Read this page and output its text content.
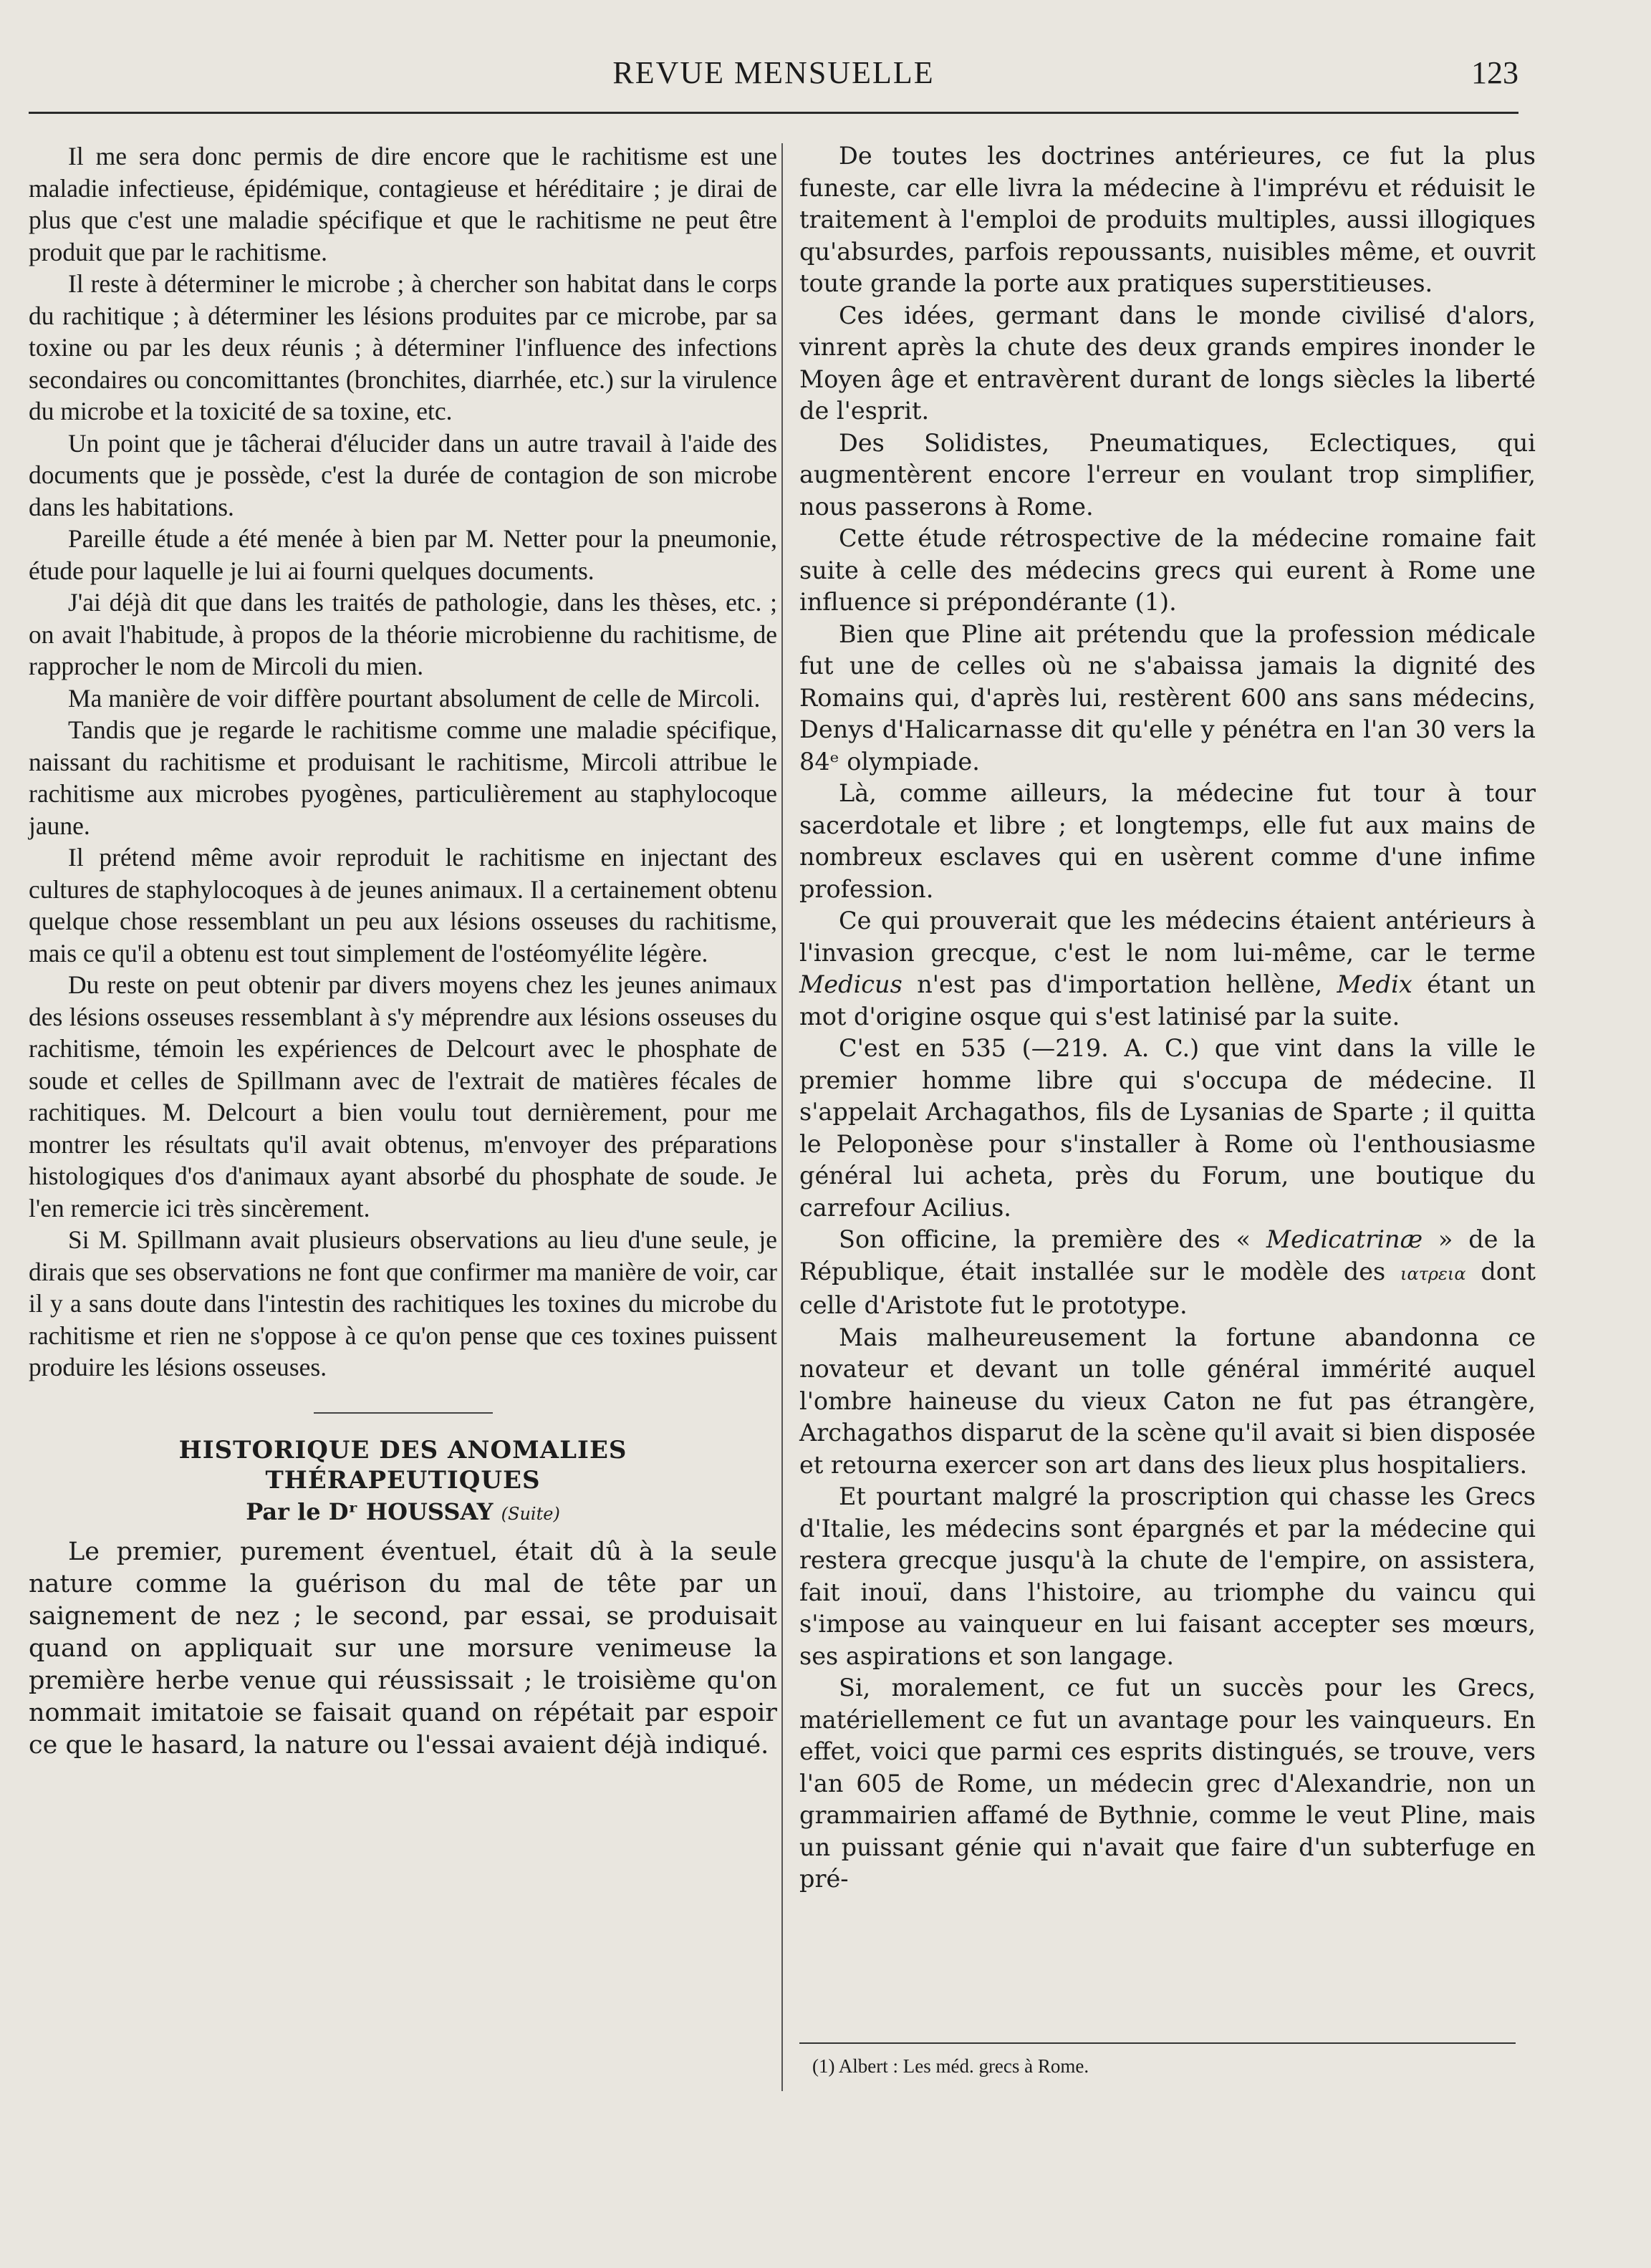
REVUE MENSUELLE	123

Il me sera donc permis de dire encore que le rachitisme est une maladie infectieuse, épidémique, contagieuse et héréditaire ; je dirai de plus que c'est une maladie spécifique et que le rachitisme ne peut être produit que par le rachitisme.

Il reste à déterminer le microbe ; à chercher son habitat dans le corps du rachitique ; à déterminer les lésions produites par ce microbe, par sa toxine ou par les deux réunis ; à déterminer l'influence des infections secondaires ou concomittantes (bronchites, diarrhée, etc.) sur la virulence du microbe et la toxicité de sa toxine, etc.

Un point que je tâcherai d'élucider dans un autre travail à l'aide des documents que je possède, c'est la durée de contagion de son microbe dans les habitations.

Pareille étude a été menée à bien par M. Netter pour la pneumonie, étude pour laquelle je lui ai fourni quelques documents.

J'ai déjà dit que dans les traités de pathologie, dans les thèses, etc. ; on avait l'habitude, à propos de la théorie microbienne du rachitisme, de rapprocher le nom de Mircoli du mien.

Ma manière de voir diffère pourtant absolument de celle de Mircoli.

Tandis que je regarde le rachitisme comme une maladie spécifique, naissant du rachitisme et produisant le rachitisme, Mircoli attribue le rachitisme aux microbes pyogènes, particulièrement au staphylocoque jaune.

Il prétend même avoir reproduit le rachitisme en injectant des cultures de staphylocoques à de jeunes animaux. Il a certainement obtenu quelque chose ressemblant un peu aux lésions osseuses du rachitisme, mais ce qu'il a obtenu est tout simplement de l'ostéomyélite légère.

Du reste on peut obtenir par divers moyens chez les jeunes animaux des lésions osseuses ressemblant à s'y méprendre aux lésions osseuses du rachitisme, témoin les expériences de Delcourt avec le phosphate de soude et celles de Spillmann avec de l'extrait de matières fécales de rachitiques. M. Delcourt a bien voulu tout dernièrement, pour me montrer les résultats qu'il avait obtenus, m'envoyer des préparations histologiques d'os d'animaux ayant absorbé du phosphate de soude. Je l'en remercie ici très sincèrement.

Si M. Spillmann avait plusieurs observations au lieu d'une seule, je dirais que ses observations ne font que confirmer ma manière de voir, car il y a sans doute dans l'intestin des rachitiques les toxines du microbe du rachitisme et rien ne s'oppose à ce qu'on pense que ces toxines puissent produire les lésions osseuses.

HISTORIQUE DES ANOMALIES
THÉRAPEUTIQUES
Par le Dʳ HOUSSAY (Suite)

Le premier, purement éventuel, était dû à la seule nature comme la guérison du mal de tête par un saignement de nez ; le second, par essai, se produisait quand on appliquait sur une morsure venimeuse la première herbe venue qui réussissait ; le troisième qu'on nommait imitatoie se faisait quand on répétait par espoir ce que le hasard, la nature ou l'essai avaient déjà indiqué.

De toutes les doctrines antérieures, ce fut la plus funeste, car elle livra la médecine à l'imprévu et réduisit le traitement à l'emploi de produits multiples, aussi illogiques qu'absurdes, parfois repoussants, nuisibles même, et ouvrit toute grande la porte aux pratiques superstitieuses.

Ces idées, germant dans le monde civilisé d'alors, vinrent après la chute des deux grands empires inonder le Moyen âge et entravèrent durant de longs siècles la liberté de l'esprit.

Des Solidistes, Pneumatiques, Eclectiques, qui augmentèrent encore l'erreur en voulant trop simplifier, nous passerons à Rome.

Cette étude rétrospective de la médecine romaine fait suite à celle des médecins grecs qui eurent à Rome une influence si prépondérante (1).

Bien que Pline ait prétendu que la profession médicale fut une de celles où ne s'abaissa jamais la dignité des Romains qui, d'après lui, restèrent 600 ans sans médecins, Denys d'Halicarnasse dit qu'elle y pénétra en l'an 30 vers la 84ᵉ olympiade.

Là, comme ailleurs, la médecine fut tour à tour sacerdotale et libre ; et longtemps, elle fut aux mains de nombreux esclaves qui en usèrent comme d'une infime profession.

Ce qui prouverait que les médecins étaient antérieurs à l'invasion grecque, c'est le nom lui-même, car le terme Medicus n'est pas d'importation hellène, Medix étant un mot d'origine osque qui s'est latinisé par la suite.

C'est en 535 (—219. A. C.) que vint dans la ville le premier homme libre qui s'occupa de médecine. Il s'appelait Archagathos, fils de Lysanias de Sparte ; il quitta le Peloponèse pour s'installer à Rome où l'enthousiasme général lui acheta, près du Forum, une boutique du carrefour Acilius.

Son officine, la première des « Medicatrinæ » de la République, était installée sur le modèle des ιατρεια dont celle d'Aristote fut le prototype.

Mais malheureusement la fortune abandonna ce novateur et devant un tolle général immérité auquel l'ombre haineuse du vieux Caton ne fut pas étrangère, Archagathos disparut de la scène qu'il avait si bien disposée et retourna exercer son art dans des lieux plus hospitaliers.

Et pourtant malgré la proscription qui chasse les Grecs d'Italie, les médecins sont épargnés et par la médecine qui restera grecque jusqu'à la chute de l'empire, on assistera, fait inouï, dans l'histoire, au triomphe du vaincu qui s'impose au vainqueur en lui faisant accepter ses mœurs, ses aspirations et son langage.

Si, moralement, ce fut un succès pour les Grecs, matériellement ce fut un avantage pour les vainqueurs. En effet, voici que parmi ces esprits distingués, se trouve, vers l'an 605 de Rome, un médecin grec d'Alexandrie, non un grammairien affamé de Bythnie, comme le veut Pline, mais un puissant génie qui n'avait que faire d'un subterfuge en pré-

(1) Albert : Les méd. grecs à Rome.
